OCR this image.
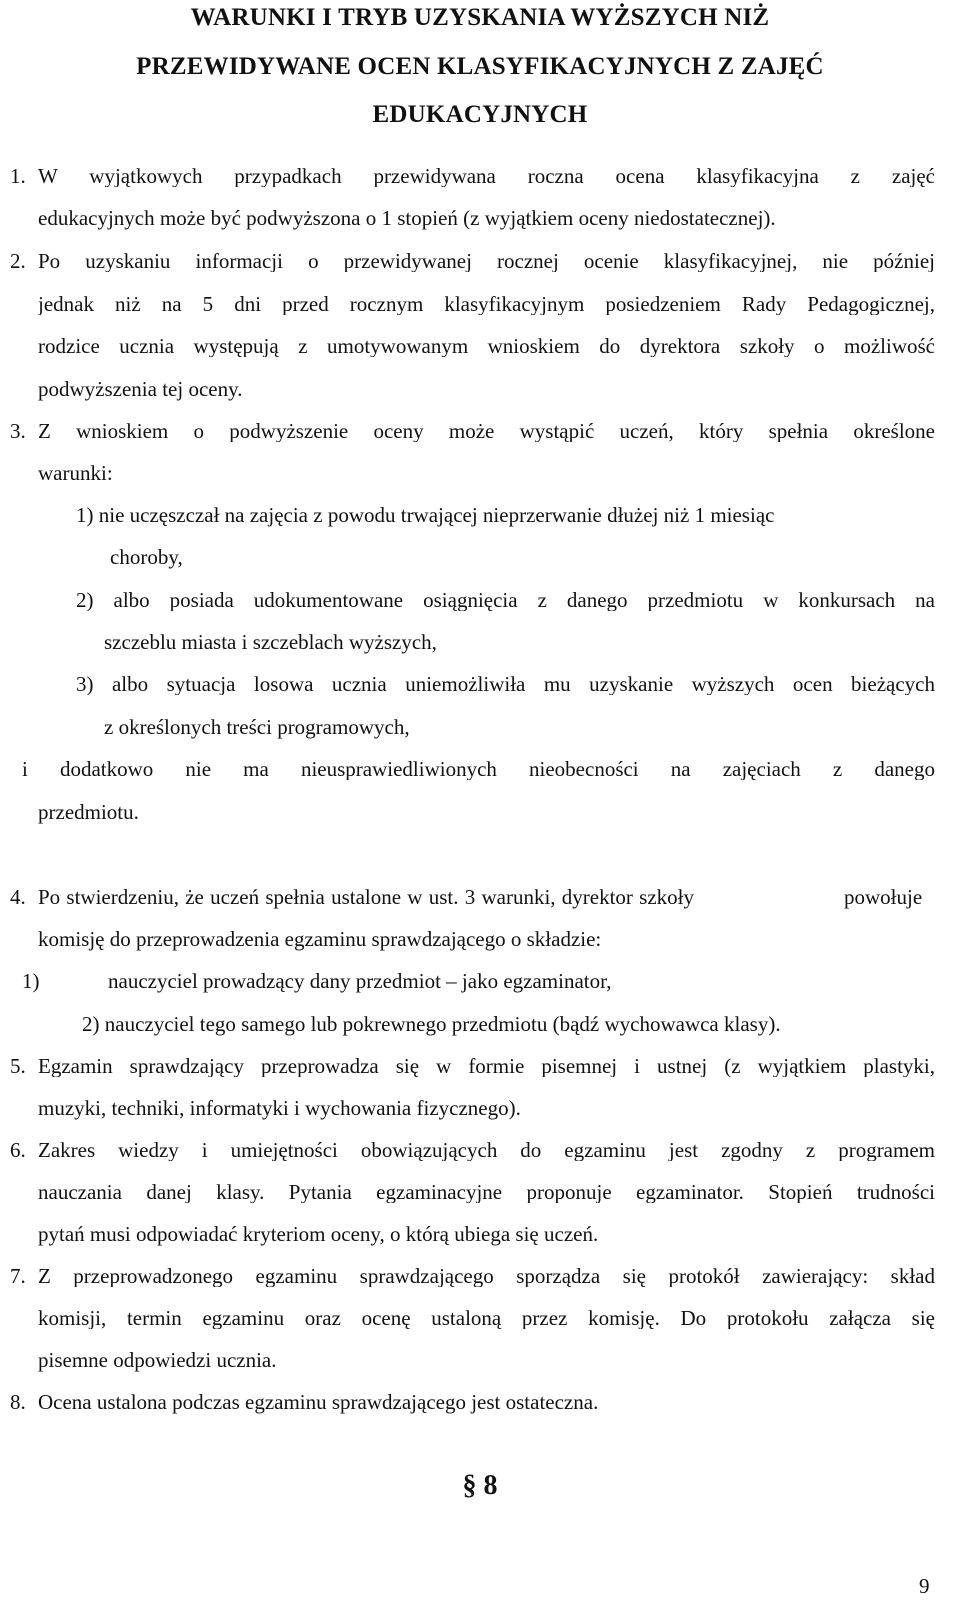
WARUNKI I TRYB UZYSKANIA WYŻSZYCH NIŻ
PRZEWIDYWANE OCEN KLASYFIKACYJNYCH Z ZAJĘĆ
EDUKACYJNYCH
1. W wyjątkowych przypadkach przewidywana roczna ocena klasyfikacyjna z zajęć
edukacyjnych może być podwyższona o 1 stopień (z wyjątkiem oceny niedostatecznej).
2. Po uzyskaniu informacji o przewidywanej rocznej ocenie klasyfikacyjnej, nie później
jednak niż na 5 dni przed rocznym klasyfikacyjnym posiedzeniem Rady Pedagogicznej,
rodzice ucznia występują z umotywowanym wnioskiem do dyrektora szkoły o możliwość
podwyższenia tej oceny.
3. Z wnioskiem o podwyższenie oceny może wystąpić uczeń, który spełnia określone
warunki:
1) nie uczęszczał na zajęcia z powodu trwającej nieprzerwanie dłużej niż 1 miesiąc
choroby,
2) albo posiada udokumentowane osiągnięcia z danego przedmiotu w konkursach na
szczeblu miasta i szczeblach wyższych,
3) albo sytuacja losowa ucznia uniemożliwiła mu uzyskanie wyższych ocen bieżących
z określonych treści programowych,
i dodatkowo nie ma nieusprawiedliwionych nieobecności na zajęciach z danego
przedmiotu.
4. Po stwierdzeniu, że uczeń spełnia ustalone w ust. 3 warunki, dyrektor szkoły	powołuje
komisję do przeprowadzenia egzaminu sprawdzającego o składzie:
1)	nauczyciel prowadzący dany przedmiot – jako egzaminator,
2) nauczyciel tego samego lub pokrewnego przedmiotu (bądź wychowawca klasy).
5. Egzamin sprawdzający przeprowadza się w formie pisemnej i ustnej (z wyjątkiem plastyki,
muzyki, techniki, informatyki i wychowania fizycznego).
6. Zakres wiedzy i umiejętności obowiązujących do egzaminu jest zgodny z programem
nauczania danej klasy. Pytania egzaminacyjne proponuje egzaminator. Stopień trudności
pytań musi odpowiadać kryteriom oceny, o którą ubiega się uczeń.
7. Z przeprowadzonego egzaminu sprawdzającego sporządza się protokół zawierający: skład
komisji, termin egzaminu oraz ocenę ustaloną przez komisję. Do protokołu załącza się
pisemne odpowiedzi ucznia.
8. Ocena ustalona podczas egzaminu sprawdzającego jest ostateczna.
§ 8
9
